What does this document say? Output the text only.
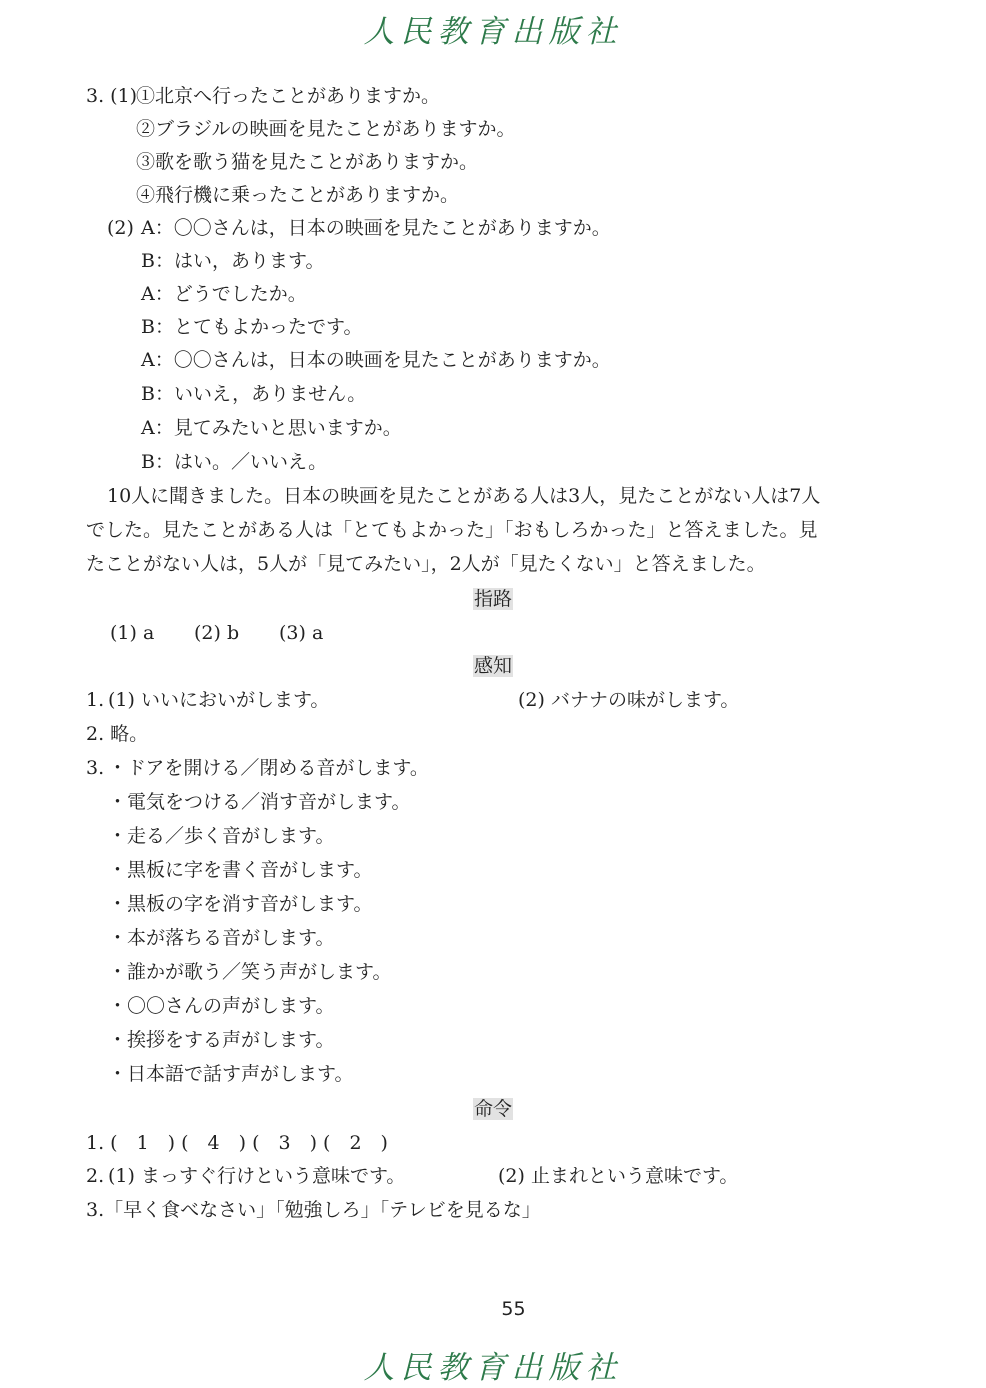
人民教育出版社
3. (1)
①北京へ行ったことがありますか。
②ブラジルの映画を見たことがありますか。
③歌を歌う猫を見たことがありますか。
④飛行機に乗ったことがありますか。
(2) A：〇〇さんは，日本の映画を見たことがありますか。
B：はい，あります。
A：どうでしたか。
B：とてもよかったです。
A：〇〇さんは，日本の映画を見たことがありますか。
B：いいえ，ありません。
A：見てみたいと思いますか。
B：はい。／いいえ。
10人に聞きました。日本の映画を見たことがある人は3人，見たことがない人は7人
でした。見たことがある人は「とてもよかった」「おもしろかった」と答えました。見
たことがない人は，5人が「見てみたい」，2人が「見たくない」と答えました。
指路
(1) a (2) b (3) a
感知
1. (1) いいにおいがします。	(2) バナナの味がします。
2. 略。
3. ・ドアを開ける／閉める音がします。
・電気をつける／消す音がします。
・走る／歩く音がします。
・黒板に字を書く音がします。
・黒板の字を消す音がします。
・本が落ちる音がします。
・誰かが歌う／笑う声がします。
・〇〇さんの声がします。
・挨拶をする声がします。
・日本語で話す声がします。
命令
1. (　1　) (　4　) (　3　) (　2　)
2. (1) まっすぐ行けという意味です。	(2) 止まれという意味です。
3.「早く食べなさい」「勉強しろ」「テレビを見るな」
55
人民教育出版社
